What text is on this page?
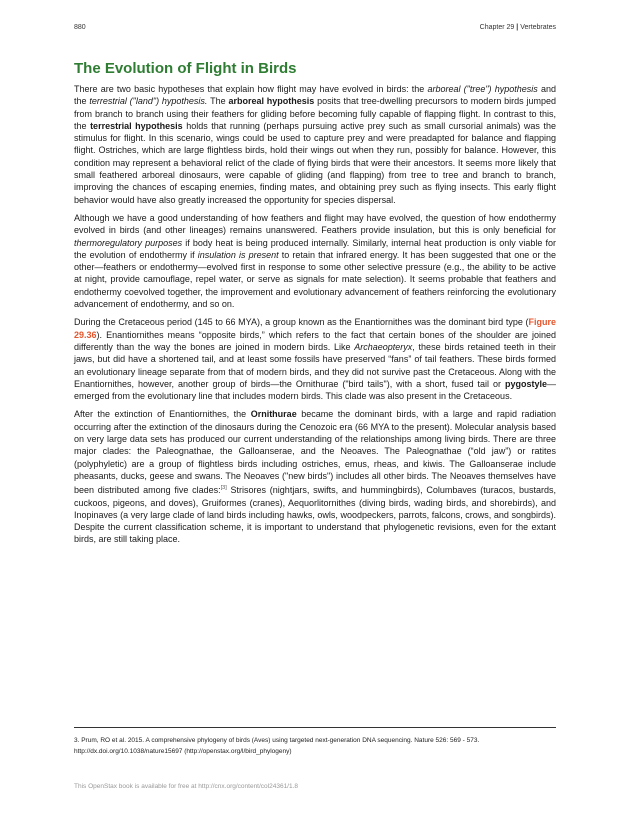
880	Chapter 29 | Vertebrates
The Evolution of Flight in Birds

There are two basic hypotheses that explain how flight may have evolved in birds: the arboreal ("tree") hypothesis and the terrestrial ("land") hypothesis. The arboreal hypothesis posits that tree-dwelling precursors to modern birds jumped from branch to branch using their feathers for gliding before becoming fully capable of flapping flight. In contrast to this, the terrestrial hypothesis holds that running (perhaps pursuing active prey such as small cursorial animals) was the stimulus for flight. In this scenario, wings could be used to capture prey and were preadapted for balance and flapping flight. Ostriches, which are large flightless birds, hold their wings out when they run, possibly for balance. However, this condition may represent a behavioral relict of the clade of flying birds that were their ancestors. It seems more likely that small feathered arboreal dinosaurs, were capable of gliding (and flapping) from tree to tree and branch to branch, improving the chances of escaping enemies, finding mates, and obtaining prey such as flying insects. This early flight behavior would have also greatly increased the opportunity for species dispersal.

Although we have a good understanding of how feathers and flight may have evolved, the question of how endothermy evolved in birds (and other lineages) remains unanswered. Feathers provide insulation, but this is only beneficial for thermoregulatory purposes if body heat is being produced internally. Similarly, internal heat production is only viable for the evolution of endothermy if insulation is present to retain that infrared energy. It has been suggested that one or the other—feathers or endothermy—evolved first in response to some other selective pressure (e.g., the ability to be active at night, provide camouflage, repel water, or serve as signals for mate selection). It seems probable that feathers and endothermy coevolved together, the improvement and evolutionary advancement of feathers reinforcing the evolutionary advancement of endothermy, and so on.

During the Cretaceous period (145 to 66 MYA), a group known as the Enantiornithes was the dominant bird type (Figure 29.36). Enantiornithes means “opposite birds,” which refers to the fact that certain bones of the shoulder are joined differently than the way the bones are joined in modern birds. Like Archaeopteryx, these birds retained teeth in their jaws, but did have a shortened tail, and at least some fossils have preserved “fans” of tail feathers. These birds formed an evolutionary lineage separate from that of modern birds, and they did not survive past the Cretaceous. Along with the Enantiornithes, however, another group of birds—the Ornithurae ("bird tails"), with a short, fused tail or pygostyle—emerged from the evolutionary line that includes modern birds. This clade was also present in the Cretaceous.

After the extinction of Enantiornithes, the Ornithurae became the dominant birds, with a large and rapid radiation occurring after the extinction of the dinosaurs during the Cenozoic era (66 MYA to the present). Molecular analysis based on very large data sets has produced our current understanding of the relationships among living birds. There are three major clades: the Paleognathae, the Galloanserae, and the Neoaves. The Paleognathae (“old jaw”) or ratites (polyphyletic) are a group of flightless birds including ostriches, emus, rheas, and kiwis. The Galloanserae include pheasants, ducks, geese and swans. The Neoaves ("new birds") includes all other birds. The Neoaves themselves have been distributed among five clades:[3] Strisores (nightjars, swifts, and hummingbirds), Columbaves (turacos, bustards, cuckoos, pigeons, and doves), Gruiformes (cranes), Aequorlitornithes (diving birds, wading birds, and shorebirds), and Inopinaves (a very large clade of land birds including hawks, owls, woodpeckers, parrots, falcons, crows, and songbirds). Despite the current classification scheme, it is important to understand that phylogenetic revisions, even for the extant birds, are still taking place.

3. Prum, RO et al. 2015. A comprehensive phylogeny of birds (Aves) using targeted next-generation DNA sequencing. Nature 526: 569 - 573. http://dx.doi.org/10.1038/nature15697 (http://openstax.org/l/bird_phylogeny)
This OpenStax book is available for free at http://cnx.org/content/col24361/1.8
